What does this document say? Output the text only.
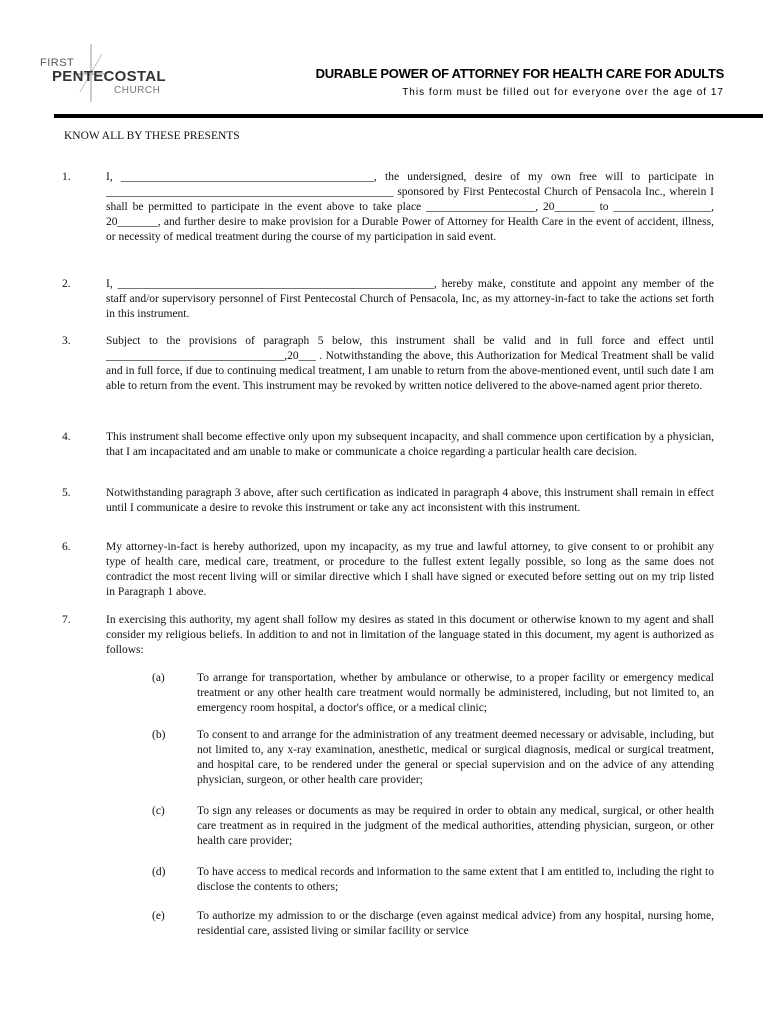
FIRST
PENTECOSTAL
CHURCH
DURABLE POWER OF ATTORNEY FOR HEALTH CARE FOR ADULTS
This form must be filled out for everyone over the age of 17
KNOW ALL BY THESE PRESENTS
1.	I, ____________________________________________, the undersigned, desire of my own free will to participate in __________________________________________________ sponsored by First Pentecostal Church of Pensacola Inc., wherein I shall be permitted to participate in the event above to take place ___________________, 20_______ to _________________, 20_______, and further desire to make provision for a Durable Power of Attorney for Health Care in the event of accident, illness, or necessity of medical treatment during the course of my participation in said event.
2.	I, _______________________________________________________, hereby make, constitute and appoint any member of the staff and/or supervisory personnel of First Pentecostal Church of Pensacola, Inc, as my attorney-in-fact to take the actions set forth in this instrument.
3.	Subject to the provisions of paragraph 5 below, this instrument shall be valid and in full force and effect until _______________________________,20___ . Notwithstanding the above, this Authorization for Medical Treatment shall be valid and in full force, if due to continuing medical treatment, I am unable to return from the above-mentioned event, until such date I am able to return from the event. This instrument may be revoked by written notice delivered to the above-named agent prior thereto.
4.	This instrument shall become effective only upon my subsequent incapacity, and shall commence upon certification by a physician, that I am incapacitated and am unable to make or communicate a choice regarding a particular health care decision.
5.	Notwithstanding paragraph 3 above, after such certification as indicated in paragraph 4 above, this instrument shall remain in effect until I communicate a desire to revoke this instrument or take any act inconsistent with this instrument.
6.	My attorney-in-fact is hereby authorized, upon my incapacity, as my true and lawful attorney, to give consent to or prohibit any type of health care, medical care, treatment, or procedure to the fullest extent legally possible, so long as the same does not contradict the most recent living will or similar directive which I shall have signed or executed before setting out on my trip listed in Paragraph 1 above.
7.	In exercising this authority, my agent shall follow my desires as stated in this document or otherwise known to my agent and shall consider my religious beliefs. In addition to and not in limitation of the language stated in this document, my agent is authorized as follows:
(a)	To arrange for transportation, whether by ambulance or otherwise, to a proper facility or emergency medical treatment or any other health care treatment would normally be administered, including, but not limited to, an emergency room hospital, a doctor's office, or a medical clinic;
(b)	To consent to and arrange for the administration of any treatment deemed necessary or advisable, including, but not limited to, any x-ray examination, anesthetic, medical or surgical diagnosis, medical or surgical treatment, and hospital care, to be rendered under the general or special supervision and on the advice of any attending physician, surgeon, or other health care provider;
(c)	To sign any releases or documents as may be required in order to obtain any medical, surgical, or other health care treatment as in required in the judgment of the medical authorities, attending physician, surgeon, or other health care provider;
(d)	To have access to medical records and information to the same extent that I am entitled to, including the right to disclose the contents to others;
(e)	To authorize my admission to or the discharge (even against medical advice) from any hospital, nursing home, residential care, assisted living or similar facility or service
